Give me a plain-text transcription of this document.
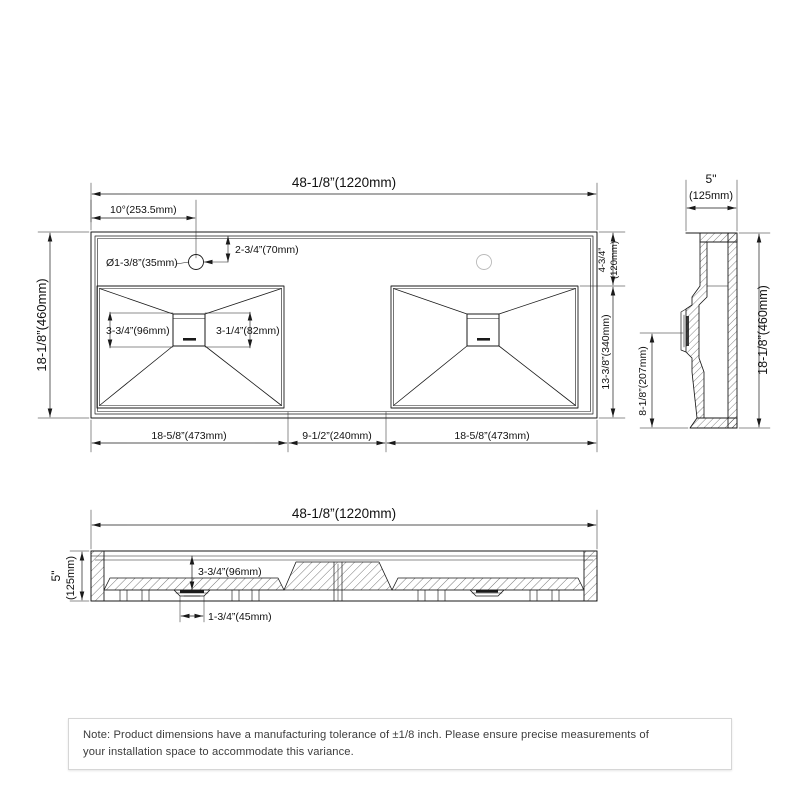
48-1/8”(1220mm)
10°(253.5mm)
2-3/4”(70mm)
Ø1-3/8”(35mm)
18-1/8”(460mm)
4-3/4” (120mm)
13-3/8”(340mm)
3-3/4”(96mm)	3-1/4”(82mm)
18-5/8”(473mm)	9-1/2”(240mm)	18-5/8”(473mm)
5"
(125mm)
18-1/8”(460mm)
8-1/8”(207mm)
48-1/8”(1220mm)
5" (125mm)	3-3/4”(96mm)
1-3/4”(45mm)
Note: Product dimensions have a manufacturing tolerance of ±1/8 inch. Please ensure precise measurements of
your installation space to accommodate this variance.
